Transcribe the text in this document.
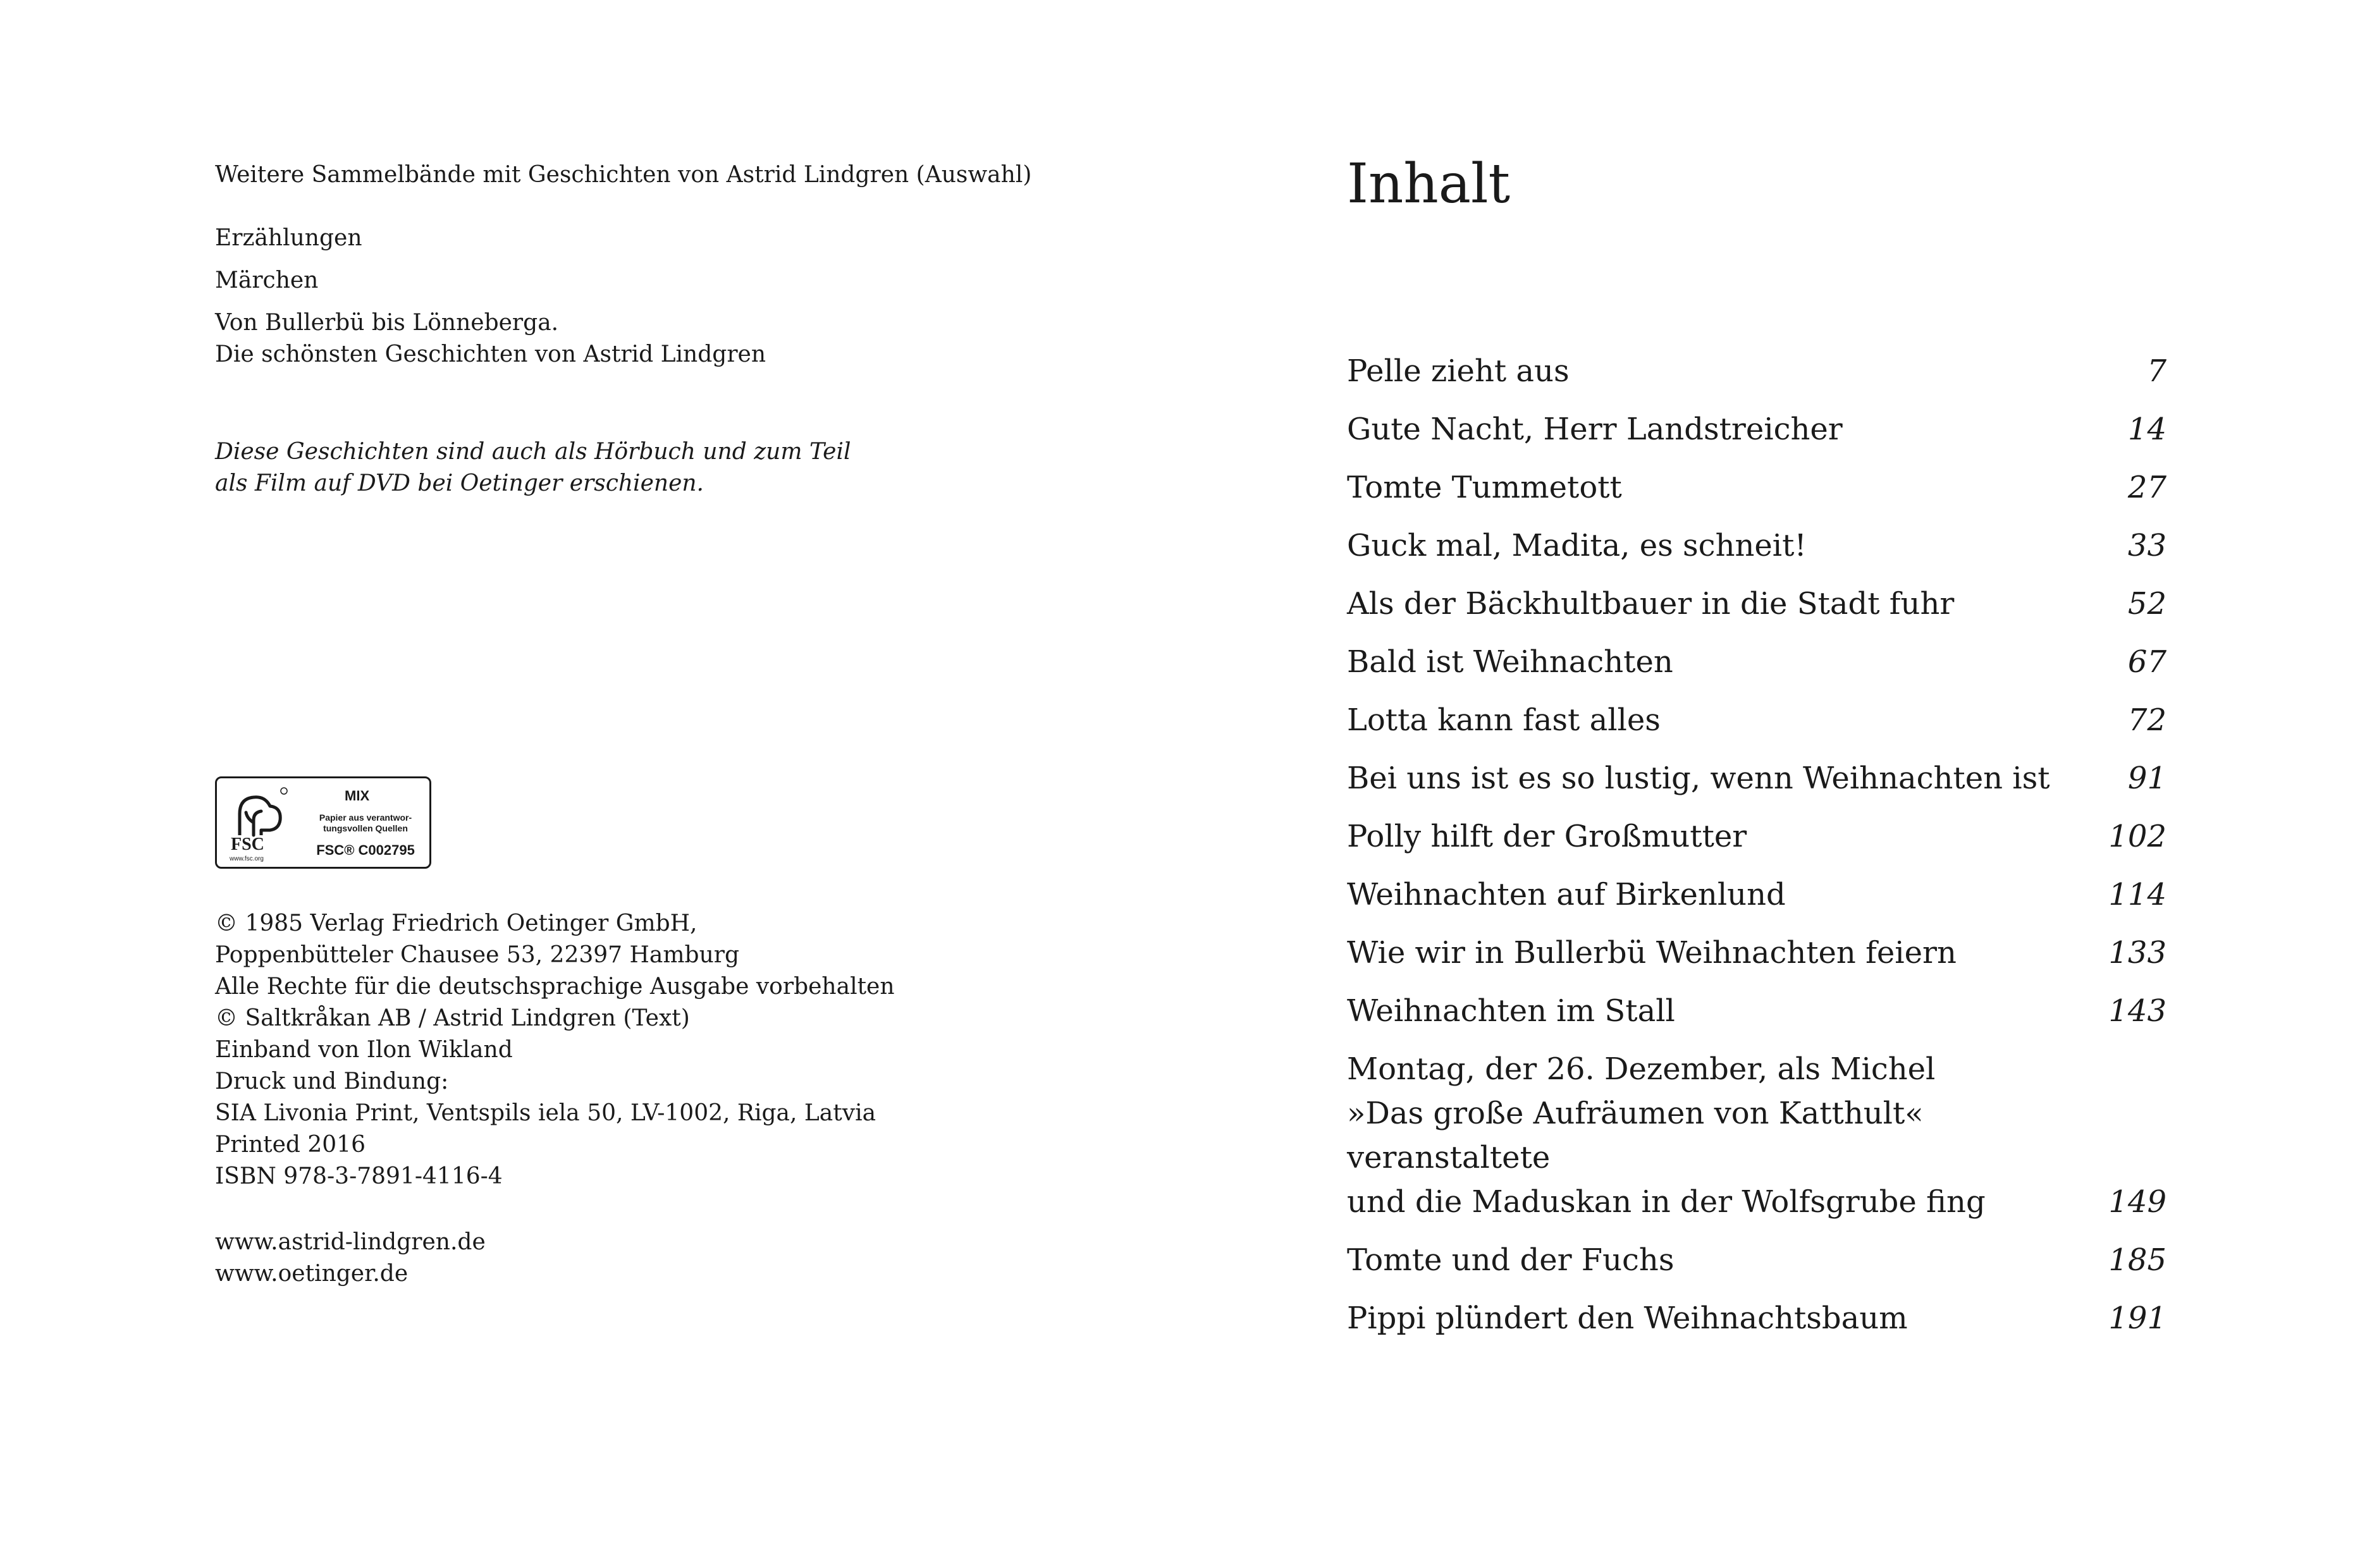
Weitere Sammelbände mit Geschichten von Astrid Lindgren (Auswahl)

Erzählungen

Märchen

Von Bullerbü bis Lönneberga.
Die schönsten Geschichten von Astrid Lindgren

Diese Geschichten sind auch als Hörbuch und zum Teil
als Film auf DVD bei Oetinger erschienen.

FSC
www.fsc.org
MIX
Papier aus verantwor-
tungsvollen Quellen
FSC® C002795

© 1985 Verlag Friedrich Oetinger GmbH,
Poppenbütteler Chausee 53, 22397 Hamburg
Alle Rechte für die deutschsprachige Ausgabe vorbehalten
© Saltkråkan AB / Astrid Lindgren (Text)
Einband von Ilon Wikland
Druck und Bindung:
SIA Livonia Print, Ventspils iela 50, LV-1002, Riga, Latvia
Printed 2016
ISBN 978-3-7891-4116-4

www.astrid-lindgren.de
www.oetinger.de

Inhalt
Pelle zieht aus	7
Gute Nacht, Herr Landstreicher	14
Tomte Tummetott	27
Guck mal, Madita, es schneit!	33
Als der Bäckhultbauer in die Stadt fuhr	52
Bald ist Weihnachten	67
Lotta kann fast alles	72
Bei uns ist es so lustig, wenn Weihnachten ist	91
Polly hilft der Großmutter	102
Weihnachten auf Birkenlund	114
Wie wir in Bullerbü Weihnachten feiern	133
Weihnachten im Stall	143
Montag, der 26. Dezember, als Michel
»Das große Aufräumen von Katthult« veranstaltete
und die Maduskan in der Wolfsgrube fing	149
Tomte und der Fuchs	185
Pippi plündert den Weihnachtsbaum	191
